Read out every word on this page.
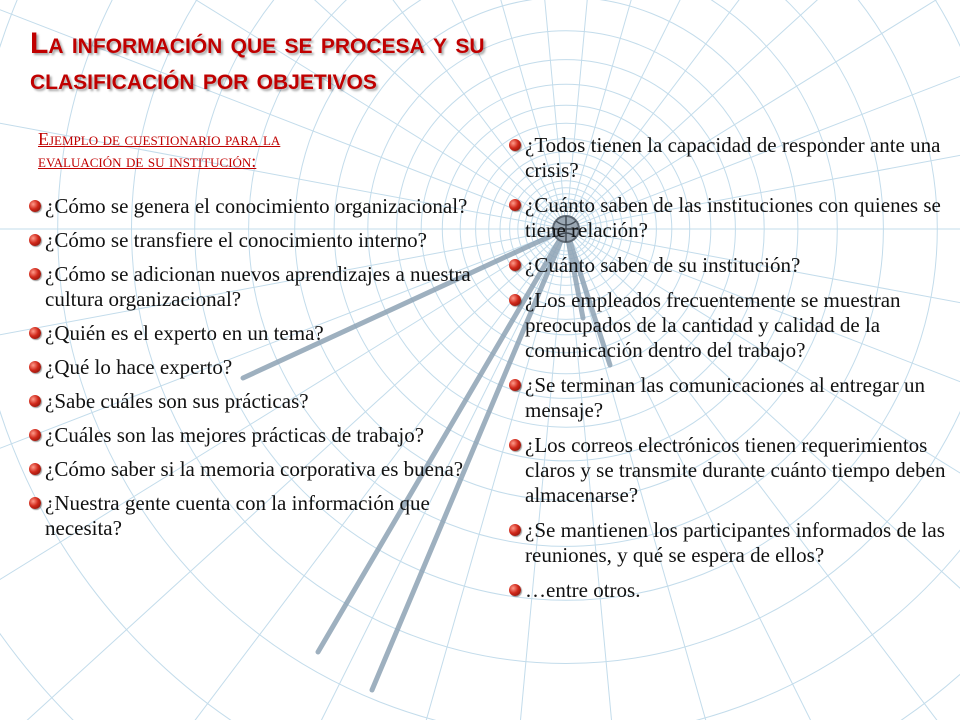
La información que se procesa y su
clasificación por objetivos
Ejemplo de cuestionario para la
evaluación de su institución:
¿Cómo se genera el conocimiento organizacional?
¿Cómo se transfiere el conocimiento interno?
¿Cómo se adicionan nuevos aprendizajes a nuestra cultura organizacional?
¿Quién es el experto en un tema?
¿Qué lo hace experto?
¿Sabe cuáles son sus prácticas?
¿Cuáles son las mejores prácticas de trabajo?
¿Cómo saber si la memoria corporativa es buena?
¿Nuestra gente cuenta con la información que necesita?
¿Todos tienen la capacidad de responder ante una crisis?
¿Cuánto saben de las instituciones con quienes se tiene relación?
¿Cuánto saben de su institución?
¿Los empleados frecuentemente se muestran preocupados de la cantidad y calidad de la comunicación dentro del trabajo?
¿Se terminan las comunicaciones al entregar un mensaje?
¿Los correos electrónicos tienen requerimientos claros y se transmite durante cuánto tiempo deben almacenarse?
¿Se mantienen los participantes informados de las reuniones, y qué se espera de ellos?
…entre otros.
